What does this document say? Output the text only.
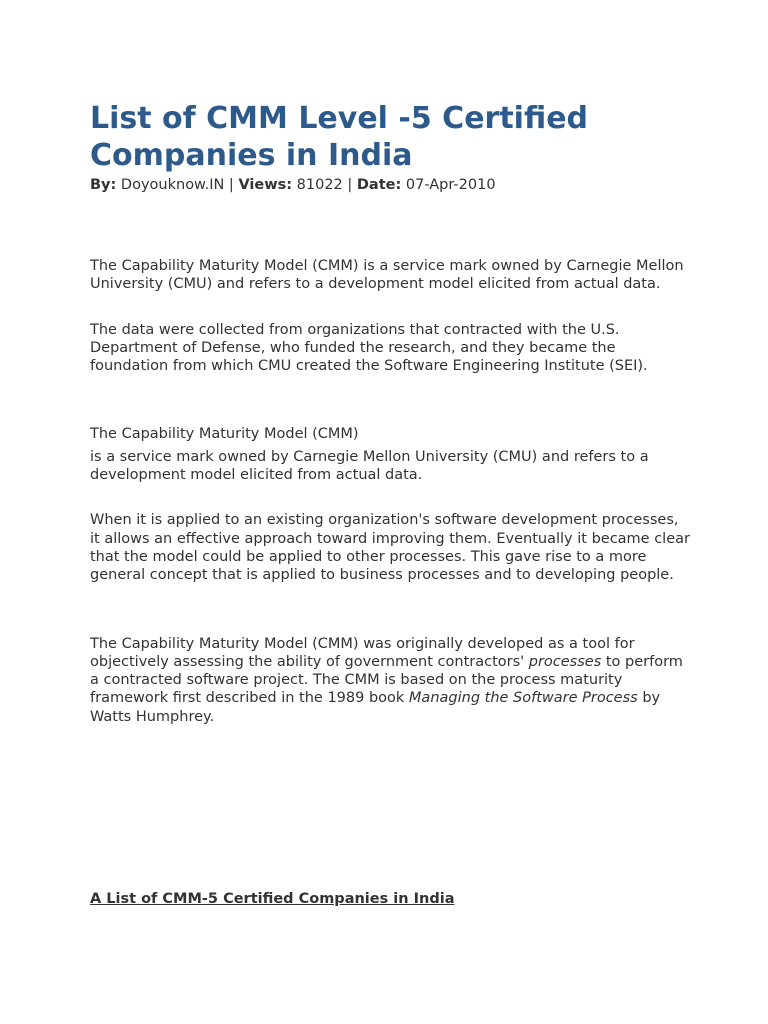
List of CMM Level -5 Certified Companies in India
By: Doyouknow.IN | Views: 81022 | Date: 07-Apr-2010

The Capability Maturity Model (CMM) is a service mark owned by Carnegie Mellon University (CMU) and refers to a development model elicited from actual data.

The data were collected from organizations that contracted with the U.S. Department of Defense, who funded the research, and they became the foundation from which CMU created the Software Engineering Institute (SEI).

The Capability Maturity Model (CMM)

is a service mark owned by Carnegie Mellon University (CMU) and refers to a development model elicited from actual data.

When it is applied to an existing organization's software development processes, it allows an effective approach toward improving them. Eventually it became clear that the model could be applied to other processes. This gave rise to a more general concept that is applied to business processes and to developing people.

The Capability Maturity Model (CMM) was originally developed as a tool for objectively assessing the ability of government contractors' processes to perform a contracted software project. The CMM is based on the process maturity framework first described in the 1989 book Managing the Software Process by Watts Humphrey.

A List of CMM-5 Certified Companies in India
